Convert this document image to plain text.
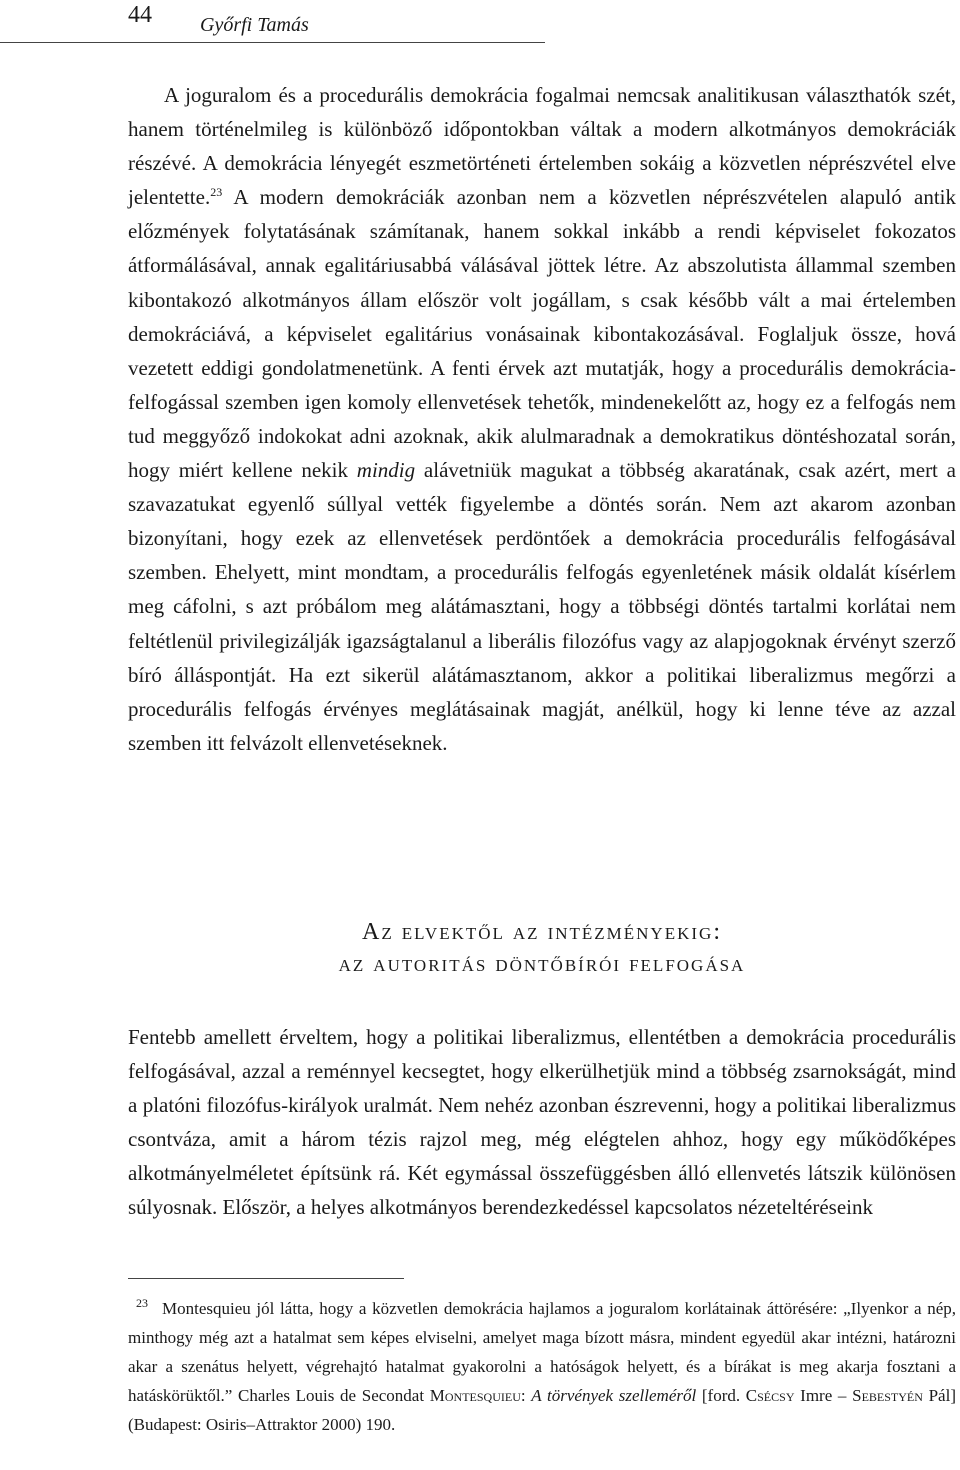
44 Győrfi Tamás

A joguralom és a procedurális demokrácia fogalmai nemcsak analitikusan választhatók szét, hanem történelmileg is különböző időpontokban váltak a modern alkotmányos demokráciák részévé. A demokrácia lényegét eszmetörténeti értelemben sokáig a közvetlen néprészvétel elve jelentette.$^{23}$ A modern demokráciák azonban nem a közvetlen néprészvételen alapuló antik előzmények folytatásának számítanak, hanem sokkal inkább a rendi képviselet fokozatos átformálásával, annak egalitáriusabbá válásával jöttek létre. Az abszolutista állammal szemben kibontakozó alkotmányos állam először volt jogállam, s csak később vált a mai értelemben demokráciává, a képviselet egalitárius vonásainak kibontakozásával. Foglaljuk össze, hová vezetett eddigi gondolatmenetünk. A fenti érvek azt mutatják, hogy a procedurális demokrácia-felfogással szemben igen komoly ellenvetések tehetők, mindenekelőtt az, hogy ez a felfogás nem tud meggyőző indokokat adni azoknak, akik alulmaradnak a demokratikus döntéshozatal során, hogy miért kellene nekik mindig alávetniük magukat a többség akaratának, csak azért, mert a szavazatukat egyenlő súllyal vették figyelembe a döntés során. Nem azt akarom azonban bizonyítani, hogy ezek az ellenvetések perdöntőek a demokrácia procedurális felfogásával szemben. Ehelyett, mint mondtam, a procedurális felfogás egyenletének másik oldalát kísérlem meg cáfolni, s azt próbálom meg alátámasztani, hogy a többségi döntés tartalmi korlátai nem feltétlenül privilegizálják igazságtalanul a liberális filozófus vagy az alapjogoknak érvényt szerző bíró álláspontját. Ha ezt sikerül alátámasztanom, akkor a politikai liberalizmus megőrzi a procedurális felfogás érvényes meglátásainak magját, anélkül, hogy ki lenne téve az azzal szemben itt felvázolt ellenvetéseknek.

Az elvektől az intézményekig:
az autoritás döntőbírói felfogása

Fentebb amellett érveltem, hogy a politikai liberalizmus, ellentétben a demokrácia procedurális felfogásával, azzal a reménnyel kecsegtet, hogy elkerülhetjük mind a többség zsarnokságát, mind a platóni filozófus-királyok uralmát. Nem nehéz azonban észrevenni, hogy a politikai liberalizmus csontváza, amit a három tézis rajzol meg, még elégtelen ahhoz, hogy egy működőképes alkotmányelméletet építsünk rá. Két egymással összefüggésben álló ellenvetés látszik különösen súlyosnak. Először, a helyes alkotmányos berendezkedéssel kapcsolatos nézeteltéréseink

$^{23}$ Montesquieu jól látta, hogy a közvetlen demokrácia hajlamos a joguralom korlátainak áttörésére: „Ilyenkor a nép, minthogy még azt a hatalmat sem képes elviselni, amelyet maga bízott másra, mindent egyedül akar intézni, határozni akar a szenátus helyett, végrehajtó hatalmat gyakorolni a hatóságok helyett, és a bírákat is meg akarja fosztani a hatáskörüktől.” Charles Louis de Secondat Montesquieu: A törvények szelleméről [ford. Csécsy Imre – Sebestyén Pál] (Budapest: Osiris–Attraktor 2000) 190.
